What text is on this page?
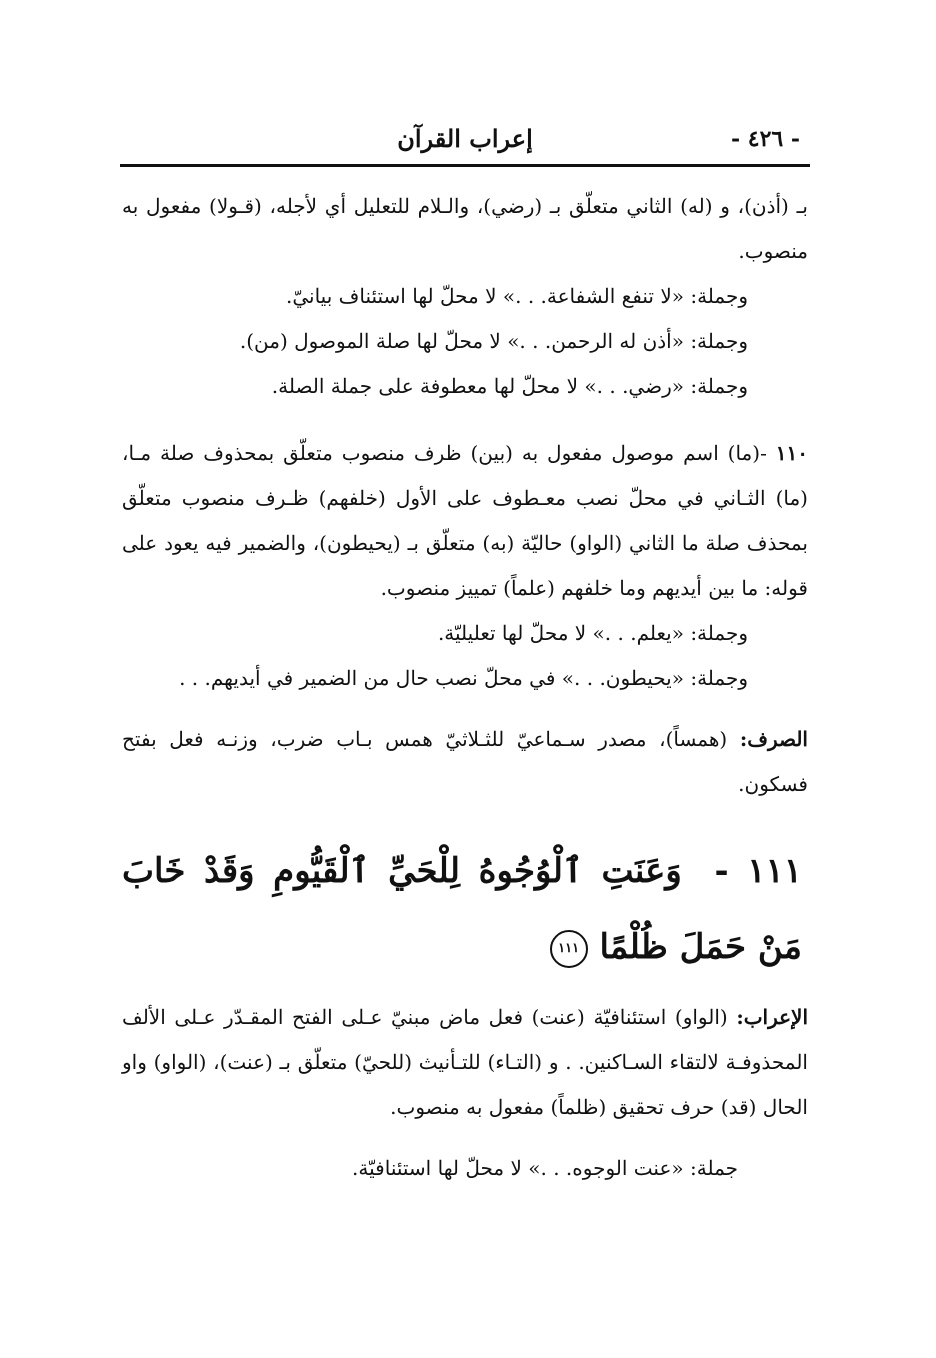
- ٤٢٦ -
إعراب القرآن

بـ (أذن)، و (له) الثاني متعلّق بـ (رضي)، والـلام للتعليل أي لأجله، (قـولا) مفعول به منصوب.

وجملة: «لا تنفع الشفاعة. . .» لا محلّ لها استئناف بيانيّ.

وجملة: «أذن له الرحمن. . .» لا محلّ لها صلة الموصول (من).

وجملة: «رضي. . .» لا محلّ لها معطوفة على جملة الصلة.

١١٠ -(ما) اسم موصول مفعول به (بين) ظرف منصوب متعلّق بمحذوف صلة مـا، (ما) الثـاني في محلّ نصب معـطوف على الأول (خلفهم) ظـرف منصوب متعلّق بمحذف صلة ما الثاني (الواو) حاليّة (به) متعلّق بـ (يحيطون)، والضمير فيه يعود على قوله: ما بين أيديهم وما خلفهم (علماً) تمييز منصوب.

وجملة: «يعلم. . .» لا محلّ لها تعليليّة.

وجملة: «يحيطون. . .» في محلّ نصب حال من الضمير في أيديهم. . .

الصرف: (همساً)، مصدر سـماعيّ للثـلاثيّ همس بـاب ضرب، وزنـه فعل بفتح فسكون.

١١١ - وَعَنَتِ ٱلْوُجُوهُ لِلْحَيِّ ٱلْقَيُّومِ وَقَدْ خَابَ مَنْ حَمَلَ ظُلْمًا ١١١

الإعراب: (الواو) استئنافيّة (عنت) فعل ماض مبنيّ عـلى الفتح المقـدّر عـلى الألف المحذوفـة لالتقاء السـاكنين. . و (التـاء) للتـأنيث (للحيّ) متعلّق بـ (عنت)، (الواو) واو الحال (قد) حرف تحقيق (ظلماً) مفعول به منصوب.

جملة: «عنت الوجوه. . .» لا محلّ لها استئنافيّة.
